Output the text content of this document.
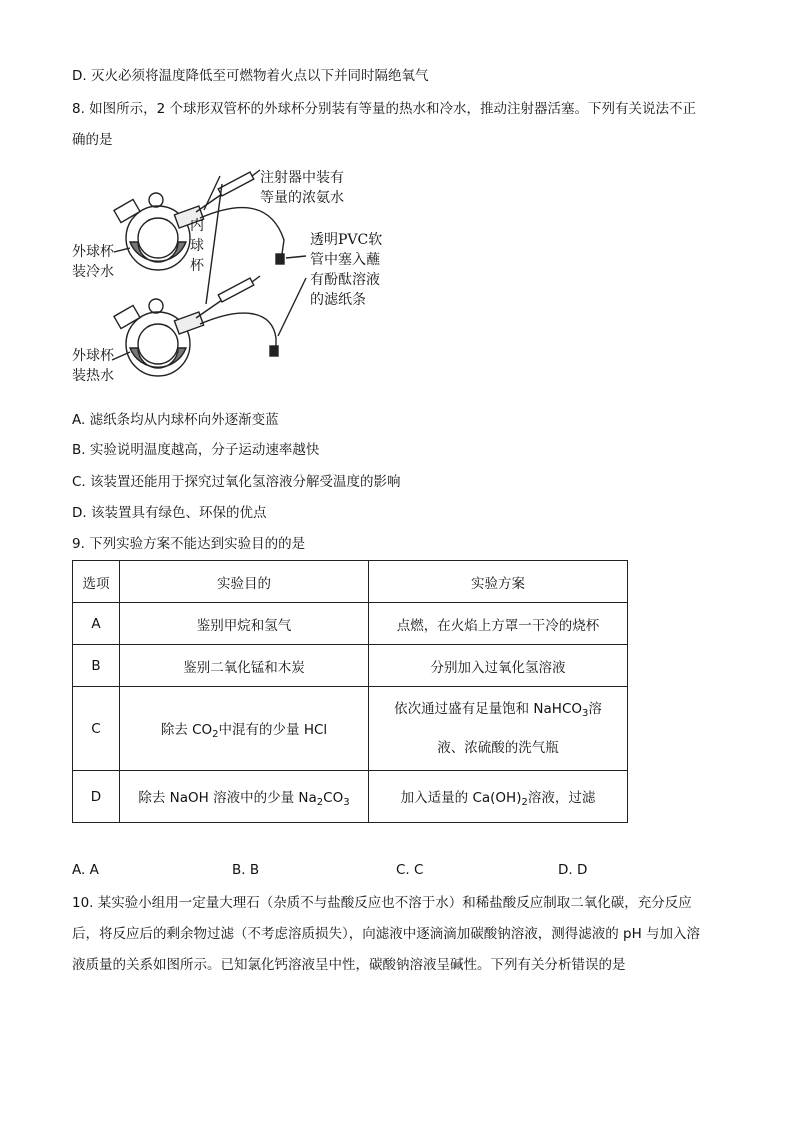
D. 灭火必须将温度降低至可燃物着火点以下并同时隔绝氧气
8. 如图所示，2 个球形双管杯的外球杯分别装有等量的热水和冷水，推动注射器活塞。下列有关说法不正
确的是
注射器中装有
等量的浓氨水
外球杯
装冷水
内
球
杯
透明PVC软
管中塞入蘸
有酚酞溶液
的滤纸条
外球杯
装热水
A. 滤纸条均从内球杯向外逐渐变蓝
B. 实验说明温度越高，分子运动速率越快
C. 该装置还能用于探究过氧化氢溶液分解受温度的影响
D. 该装置具有绿色、环保的优点
9. 下列实验方案不能达到实验目的的是
选项	实验目的	实验方案
A	鉴别甲烷和氢气	点燃，在火焰上方罩一干冷的烧杯
B	鉴别二氧化锰和木炭	分别加入过氧化氢溶液
C	除去 $CO_2$中混有的少量 HCl	依次通过盛有足量饱和 NaHCO$_3$溶
液、浓硫酸的洗气瓶
D	除去 NaOH 溶液中的少量 $Na_2CO_3$	加入适量的 $Ca(OH)_2$溶液，过滤
A. A	B. B	C. C	D. D
10. 某实验小组用一定量大理石（杂质不与盐酸反应也不溶于水）和稀盐酸反应制取二氧化碳，充分反应
后，将反应后的剩余物过滤（不考虑溶质损失），向滤液中逐滴滴加碳酸钠溶液，测得滤液的 pH 与加入溶
液质量的关系如图所示。已知氯化钙溶液呈中性，碳酸钠溶液呈碱性。下列有关分析错误的是
